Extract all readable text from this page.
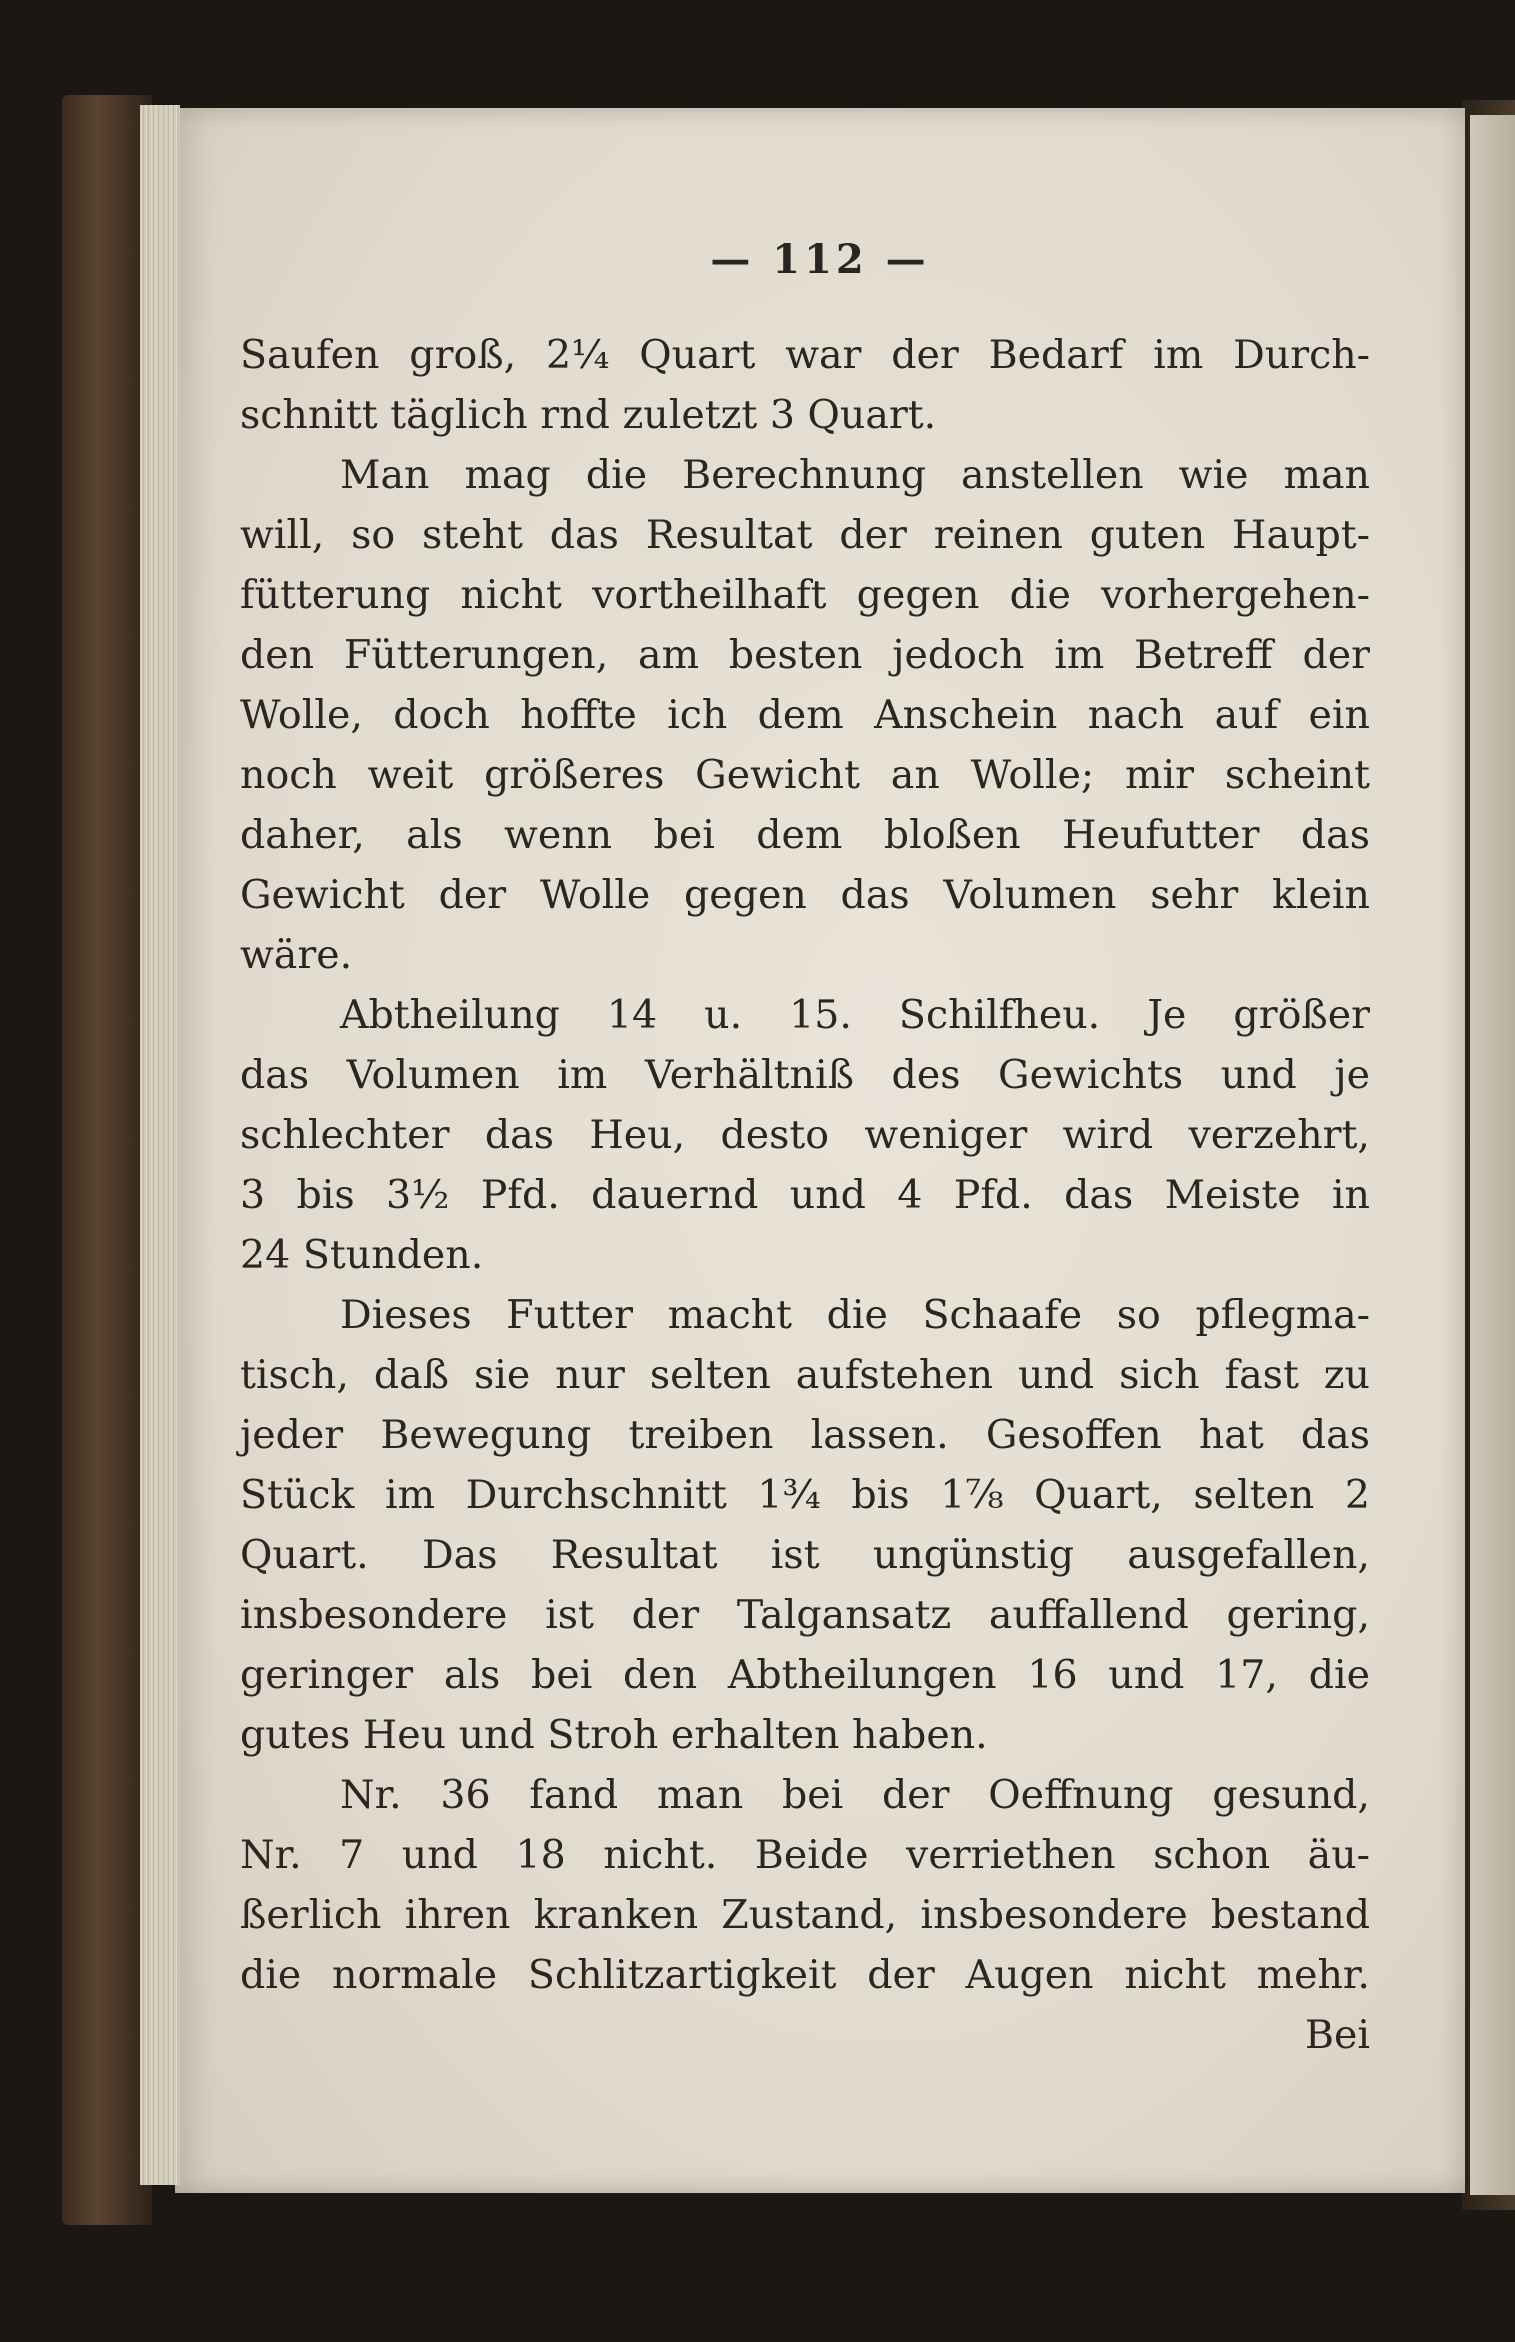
— 112 —
Saufen groß, 2¼ Quart war der Bedarf im Durch-
schnitt täglich rnd zuletzt 3 Quart.
Man mag die Berechnung anstellen wie man
will, so steht das Resultat der reinen guten Haupt-
fütterung nicht vortheilhaft gegen die vorhergehen-
den Fütterungen, am besten jedoch im Betreff der
Wolle, doch hoffte ich dem Anschein nach auf ein
noch weit größeres Gewicht an Wolle; mir scheint
daher, als wenn bei dem bloßen Heufutter das
Gewicht der Wolle gegen das Volumen sehr klein
wäre.
Abtheilung 14 u. 15. Schilfheu. Je größer
das Volumen im Verhältniß des Gewichts und je
schlechter das Heu, desto weniger wird verzehrt,
3 bis 3½ Pfd. dauernd und 4 Pfd. das Meiste in
24 Stunden.
Dieses Futter macht die Schaafe so pflegma-
tisch, daß sie nur selten aufstehen und sich fast zu
jeder Bewegung treiben lassen. Gesoffen hat das
Stück im Durchschnitt 1¾ bis 1⅞ Quart, selten 2
Quart. Das Resultat ist ungünstig ausgefallen,
insbesondere ist der Talgansatz auffallend gering,
geringer als bei den Abtheilungen 16 und 17, die
gutes Heu und Stroh erhalten haben.
Nr. 36 fand man bei der Oeffnung gesund,
Nr. 7 und 18 nicht. Beide verriethen schon äu-
ßerlich ihren kranken Zustand, insbesondere bestand
die normale Schlitzartigkeit der Augen nicht mehr.
Bei
